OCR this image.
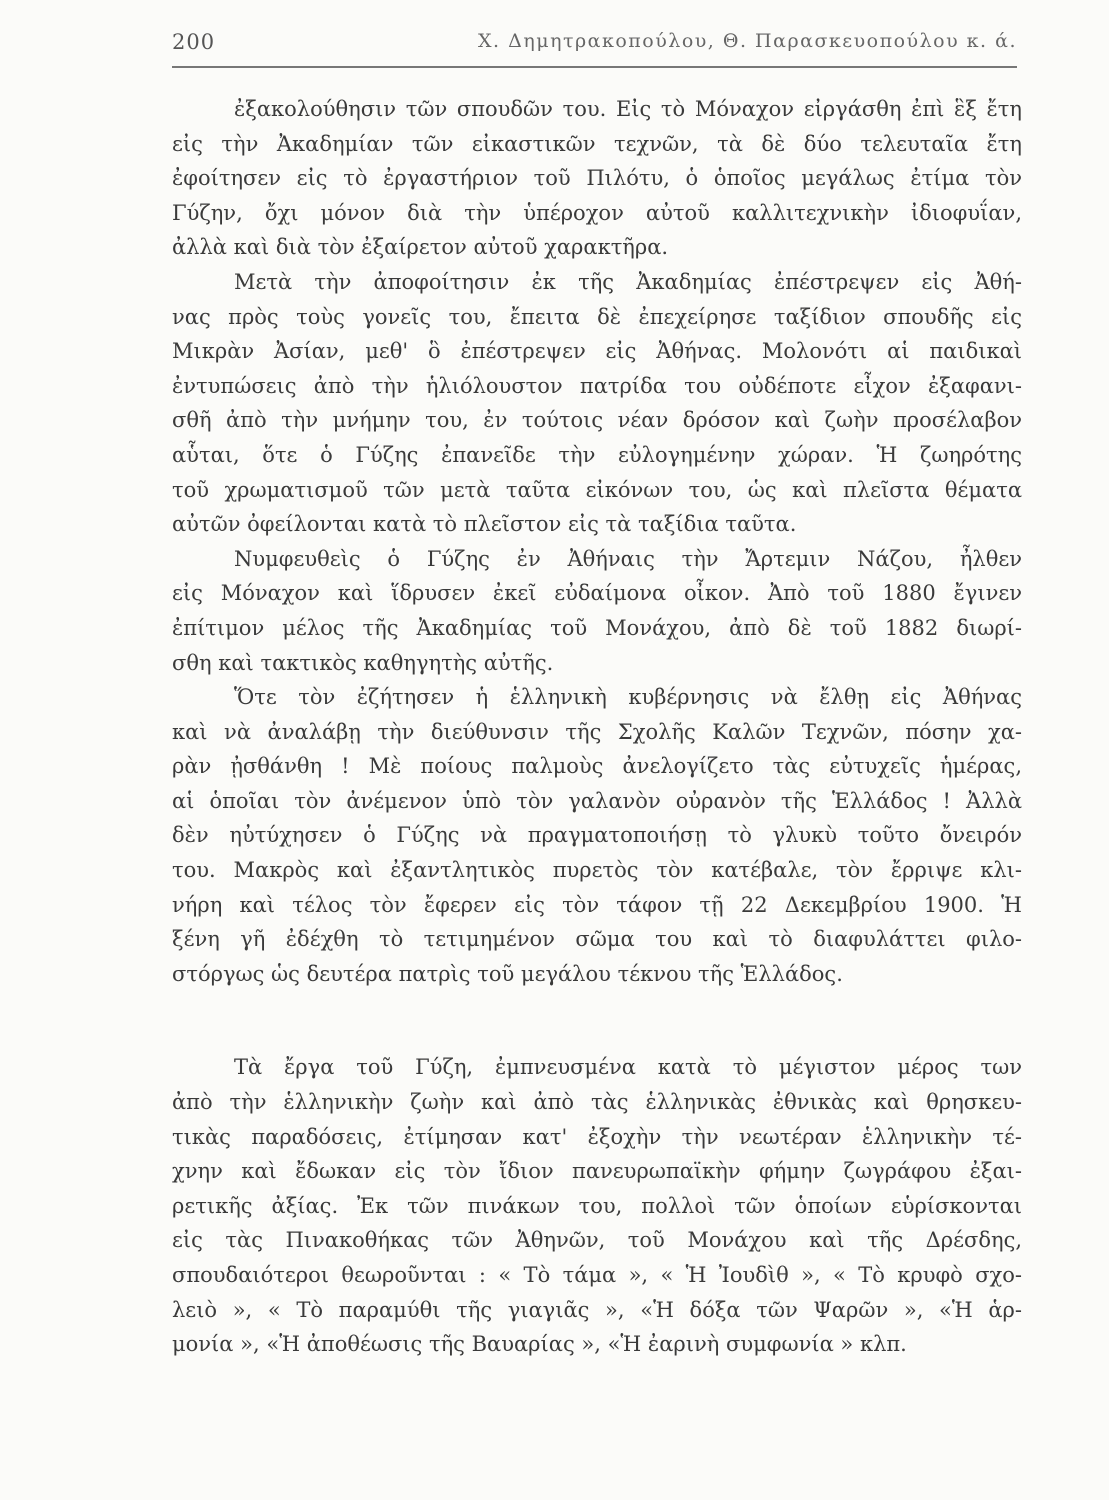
200	Χ. Δημητρακοπούλου, Θ. Παρασκευοπούλου κ. ά.
ἐξακολούθησιν τῶν σπουδῶν του. Εἰς τὸ Μόναχον εἰργάσθη ἐπὶ ἓξ ἔτη
εἰς τὴν Ἀκαδημίαν τῶν εἰκαστικῶν τεχνῶν, τὰ δὲ δύο τελευταῖα ἔτη
ἐφοίτησεν εἰς τὸ ἐργαστήριον τοῦ Πιλότυ, ὁ ὁποῖος μεγάλως ἐτίμα τὸν
Γύζην, ὄχι μόνον διὰ τὴν ὑπέροχον αὐτοῦ καλλιτεχνικὴν ἰδιοφυΐαν,
ἀλλὰ καὶ διὰ τὸν ἐξαίρετον αὐτοῦ χαρακτῆρα.
Μετὰ τὴν ἀποφοίτησιν ἐκ τῆς Ἀκαδημίας ἐπέστρεψεν εἰς Ἀθή-
νας πρὸς τοὺς γονεῖς του, ἔπειτα δὲ ἐπεχείρησε ταξίδιον σπουδῆς εἰς
Μικρὰν Ἀσίαν, μεθ' ὃ ἐπέστρεψεν εἰς Ἀθήνας. Μολονότι αἱ παιδικαὶ
ἐντυπώσεις ἀπὸ τὴν ἡλιόλουστον πατρίδα του οὐδέποτε εἶχον ἐξαφανι-
σθῆ ἀπὸ τὴν μνήμην του, ἐν τούτοις νέαν δρόσον καὶ ζωὴν προσέλαβον
αὗται, ὅτε ὁ Γύζης ἐπανεῖδε τὴν εὐλογημένην χώραν. Ἡ ζωηρότης
τοῦ χρωματισμοῦ τῶν μετὰ ταῦτα εἰκόνων του, ὡς καὶ πλεῖστα θέματα
αὐτῶν ὀφείλονται κατὰ τὸ πλεῖστον εἰς τὰ ταξίδια ταῦτα.
Νυμφευθεὶς ὁ Γύζης ἐν Ἀθήναις τὴν Ἄρτεμιν Νάζου, ἦλθεν
εἰς Μόναχον καὶ ἵδρυσεν ἐκεῖ εὐδαίμονα οἶκον. Ἀπὸ τοῦ 1880 ἔγινεν
ἐπίτιμον μέλος τῆς Ἀκαδημίας τοῦ Μονάχου, ἀπὸ δὲ τοῦ 1882 διωρί-
σθη καὶ τακτικὸς καθηγητὴς αὐτῆς.
Ὅτε τὸν ἐζήτησεν ἡ ἑλληνικὴ κυβέρνησις νὰ ἔλθῃ εἰς Ἀθήνας
καὶ νὰ ἀναλάβῃ τὴν διεύθυνσιν τῆς Σχολῆς Καλῶν Τεχνῶν, πόσην χα-
ρὰν ᾐσθάνθη ! Μὲ ποίους παλμοὺς ἀνελογίζετο τὰς εὐτυχεῖς ἡμέρας,
αἱ ὁποῖαι τὸν ἀνέμενον ὑπὸ τὸν γαλανὸν οὐρανὸν τῆς Ἑλλάδος ! Ἀλλὰ
δὲν ηὐτύχησεν ὁ Γύζης νὰ πραγματοποιήσῃ τὸ γλυκὺ τοῦτο ὄνειρόν
του. Μακρὸς καὶ ἐξαντλητικὸς πυρετὸς τὸν κατέβαλε, τὸν ἔρριψε κλι-
νήρη καὶ τέλος τὸν ἔφερεν εἰς τὸν τάφον τῇ 22 Δεκεμβρίου 1900. Ἡ
ξένη γῆ ἐδέχθη τὸ τετιμημένον σῶμα του καὶ τὸ διαφυλάττει φιλο-
στόργως ὡς δευτέρα πατρὶς τοῦ μεγάλου τέκνου τῆς Ἑλλάδος.
Τὰ ἔργα τοῦ Γύζη, ἐμπνευσμένα κατὰ τὸ μέγιστον μέρος των
ἀπὸ τὴν ἑλληνικὴν ζωὴν καὶ ἀπὸ τὰς ἑλληνικὰς ἐθνικὰς καὶ θρησκευ-
τικὰς παραδόσεις, ἐτίμησαν κατ' ἐξοχὴν τὴν νεωτέραν ἑλληνικὴν τέ-
χνην καὶ ἔδωκαν εἰς τὸν ἴδιον πανευρωπαϊκὴν φήμην ζωγράφου ἐξαι-
ρετικῆς ἀξίας. Ἐκ τῶν πινάκων του, πολλοὶ τῶν ὁποίων εὑρίσκονται
εἰς τὰς Πινακοθήκας τῶν Ἀθηνῶν, τοῦ Μονάχου καὶ τῆς Δρέσδης,
σπουδαιότεροι θεωροῦνται : « Τὸ τάμα », « Ἡ Ἰουδὶθ », « Τὸ κρυφὸ σχο-
λειὸ », « Τὸ παραμύθι τῆς γιαγιᾶς », «Ἡ δόξα τῶν Ψαρῶν », «Ἡ ἁρ-
μονία », «Ἡ ἀποθέωσις τῆς Βαυαρίας », «Ἡ ἐαρινὴ συμφωνία » κλπ.
